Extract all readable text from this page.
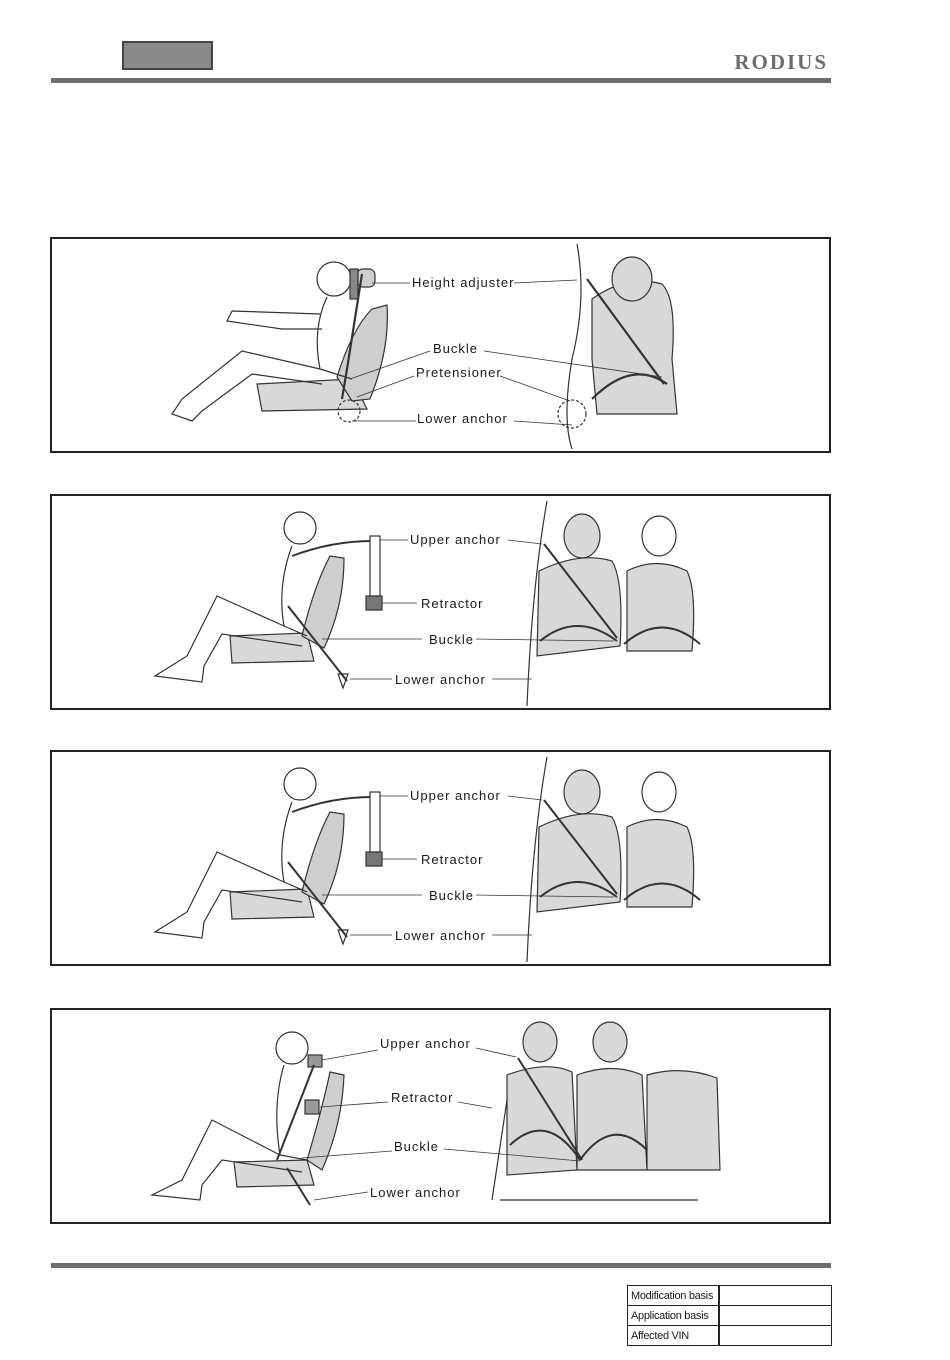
RODIUS
Height adjuster
Buckle
Pretensioner
Lower anchor
Upper anchor
Retractor
Buckle
Lower anchor
Upper anchor
Retractor
Buckle
Lower anchor
Upper anchor
Retractor
Buckle
Lower anchor
Modification basis	
Application basis	
Affected VIN	
